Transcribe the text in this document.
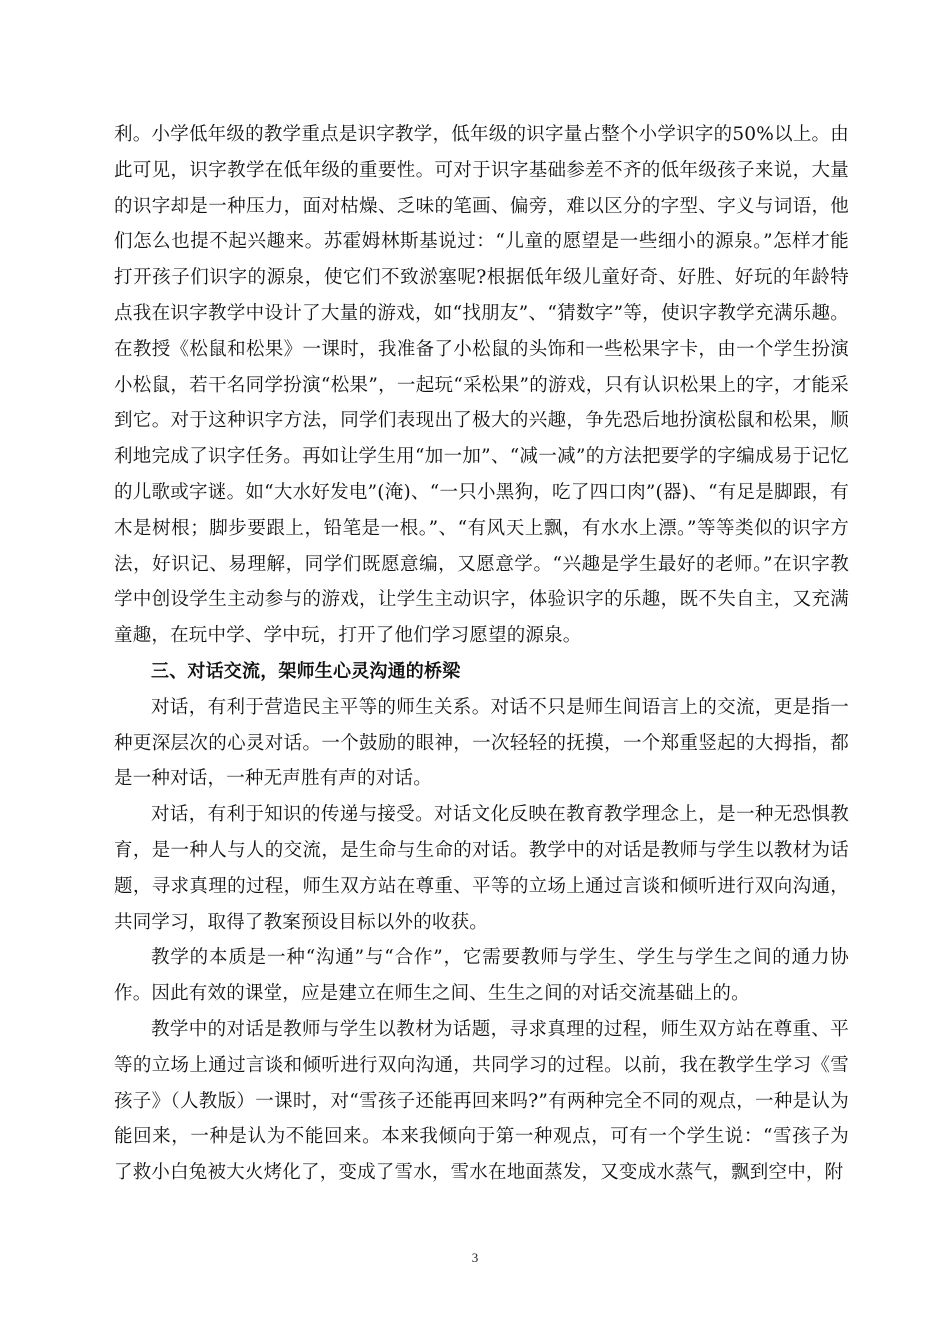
利。小学低年级的教学重点是识字教学，低年级的识字量占整个小学识字的50%以上。由此可见，识字教学在低年级的重要性。可对于识字基础参差不齐的低年级孩子来说，大量的识字却是一种压力，面对枯燥、乏味的笔画、偏旁，难以区分的字型、字义与词语，他们怎么也提不起兴趣来。苏霍姆林斯基说过：“儿童的愿望是一些细小的源泉。”怎样才能打开孩子们识字的源泉，使它们不致淤塞呢?根据低年级儿童好奇、好胜、好玩的年龄特点我在识字教学中设计了大量的游戏，如“找朋友”、“猜数字”等，使识字教学充满乐趣。在教授《松鼠和松果》一课时，我准备了小松鼠的头饰和一些松果字卡，由一个学生扮演小松鼠，若干名同学扮演“松果”，一起玩“采松果”的游戏，只有认识松果上的字，才能采到它。对于这种识字方法，同学们表现出了极大的兴趣，争先恐后地扮演松鼠和松果，顺利地完成了识字任务。再如让学生用“加一加”、“减一减”的方法把要学的字编成易于记忆的儿歌或字谜。如“大水好发电”(淹)、“一只小黑狗，吃了四口肉”(器)、“有足是脚跟，有木是树根；脚步要跟上，铅笔是一根。”、“有风天上飘，有水水上漂。”等等类似的识字方法，好识记、易理解，同学们既愿意编，又愿意学。“兴趣是学生最好的老师。”在识字教学中创设学生主动参与的游戏，让学生主动识字，体验识字的乐趣，既不失自主，又充满童趣，在玩中学、学中玩，打开了他们学习愿望的源泉。

三、对话交流，架师生心灵沟通的桥梁

对话，有利于营造民主平等的师生关系。对话不只是师生间语言上的交流，更是指一种更深层次的心灵对话。一个鼓励的眼神，一次轻轻的抚摸，一个郑重竖起的大拇指，都是一种对话，一种无声胜有声的对话。

对话，有利于知识的传递与接受。对话文化反映在教育教学理念上，是一种无恐惧教育，是一种人与人的交流，是生命与生命的对话。教学中的对话是教师与学生以教材为话题，寻求真理的过程，师生双方站在尊重、平等的立场上通过言谈和倾听进行双向沟通，共同学习，取得了教案预设目标以外的收获。

教学的本质是一种“沟通”与“合作”，它需要教师与学生、学生与学生之间的通力协作。因此有效的课堂，应是建立在师生之间、生生之间的对话交流基础上的。

教学中的对话是教师与学生以教材为话题，寻求真理的过程，师生双方站在尊重、平等的立场上通过言谈和倾听进行双向沟通，共同学习的过程。以前，我在教学生学习《雪孩子》（人教版）一课时，对“雪孩子还能再回来吗?”有两种完全不同的观点，一种是认为能回来，一种是认为不能回来。本来我倾向于第一种观点，可有一个学生说：“雪孩子为了救小白兔被大火烤化了，变成了雪水，雪水在地面蒸发，又变成水蒸气，飘到空中，附

3
